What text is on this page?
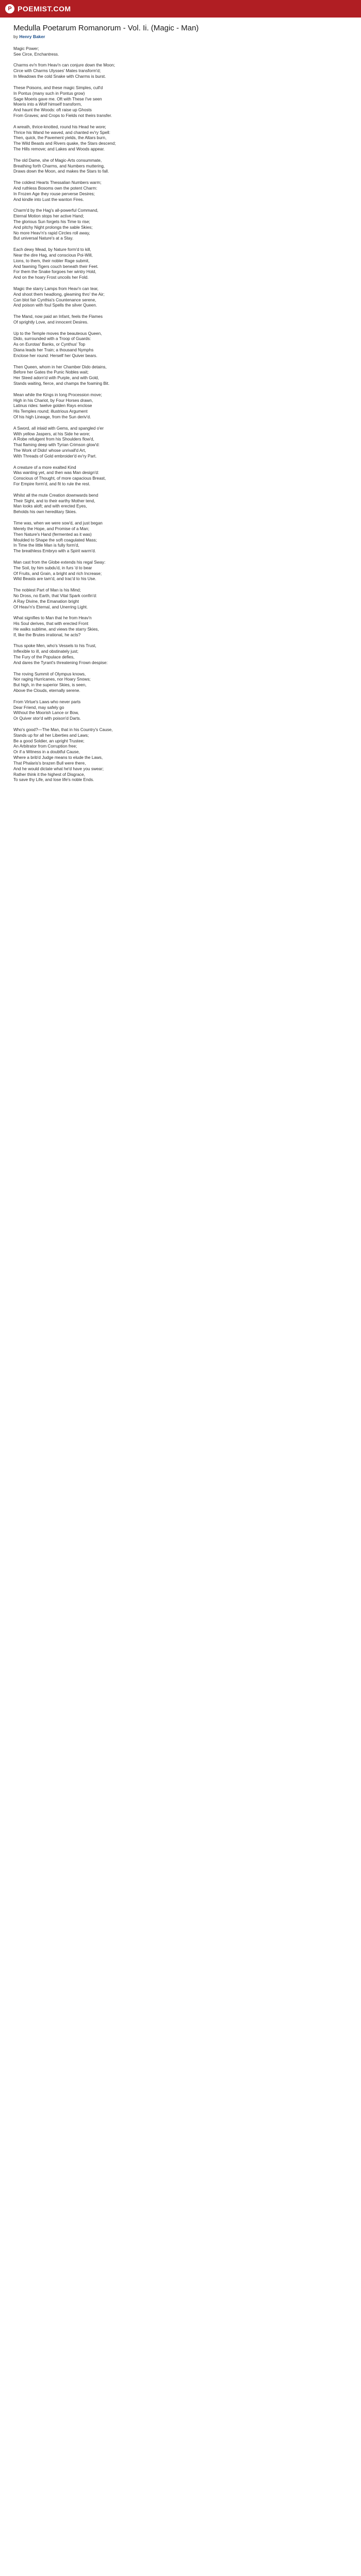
P POEMIST.COM
Medulla Poetarum Romanorum - Vol. Ii. (Magic - Man)
by Henry Baker
Magic Power;
See Circe, Enchantress.
Charms ev'n from Heav'n can conjure down the Moon;
Circe with Charms Ulysses' Mates transform'd;
In Meadows the cold Snake with Charms is burst.
These Poisons, and these magic Simples, cull'd
In Pontus (many such in Pontus grow)
Sage Moeris gave me. Oft with These I've seen
Moeris into a Wolf himself transform,
And haunt the Woods: oft raise up Ghosts
From Graves; and Crops to Fields not theirs transfer.
A wreath, thrice-knotted, round his Head he wore;
Thrice his Wand he waved, and chanted ev'ry Spell:
Then, quick, the Pavement yields, the Altars burn,
The Wild Beasts and Rivers quake, the Stars descend;
The Hills remove; and Lakes and Woods appear.
The old Dame, she of Magic-Arts consummate,
Breathing forth Charms, and Numbers muttering,
Draws down the Moon, and makes the Stars to fall.
The coldest Hearts Thessalian Numbers warm;
And ruthless Bosoms own the potent Charm:
In Frozen Age they rouse perverse Desires;
And kindle into Lust the wanton Fires.
Charm'd by the Hag's all-powerful Command,
Eternal Motion stops her active Hand;
The glorious Sun forgets his Time to rise;
And pitchy Night prolongs the sable Skies;
No more Heav'n's rapid Circles roll away,
But universal Nature's at a Stay.
Each dewy Mead, by Nature form'd to kill,
Near the dire Hag, and conscious Poi-Will,
Lions, to them, their nobler Rage submit,
And fawning Tigers couch beneath their Feet.
For them the Snake forgoes her wintry Hold,
And on the hoary Frost uncoils her Fold.
Magic the starry Lamps from Heav'n can tear,
And shoot them headlong, gleaming thro' the Air;
Can blot fair Cynthia's Countenance serene,
And poison with foul Spells the silver Queen.
The Mand, now paid an Infant, feels the Flames
Of sprightly Love, and innocent Desires.
Up to the Temple moves the beauteous Queen,
Dido, surrounded with a Troop of Guards:
As on Eurotas' Banks, or Cynthus' Top
Diana leads her Train; a thousand Nymphs
Enclose her round: Herself her Quiver bears.
Then Queen, whom in her Chamber Dido detains,
Before her Gates the Punic Nobles wait;
Her Steed adorn'd with Purple, and with Gold,
Stands waiting, fierce, and champs the foaming Bit.
Mean while the Kings in long Procession move;
High in his Chariot, by Four Horses drawn,
Latinus rides: twelve golden Rays enclose
His Temples round; illustrious Argument
Of his high Lineage, from the Sun deriv'd.
A Sword, all inlaid with Gems, and spangled o'er
With yellow Jaspers, at his Side he wore;
A Robe refulgent from his Shoulders flow'd,
That flaming deep with Tyrian Crimson glow'd:
The Work of Dido! whose unrivall'd Art,
With Threads of Gold embroider'd ev'ry Part.
A creature of a more exalted Kind
Was wanting yet, and then was Man design'd:
Conscious of Thought, of more capacious Breast,
For Empire form'd, and fit to rule the rest.
Whilst all the mute Creation downwards bend
Their Sight, and to their earthy Mother tend,
Man looks aloft; and with erected Eyes,
Beholds his own hereditary Skies.
Time was, when we were sow'd, and just began
Merely the Hope, and Promise of a Man;
Then Nature's Hand (fermented as it was)
Moulded to Shape the soft coagulated Mass;
In Time the little Man is fully form'd,
The breathless Embryo with a Spirit warm'd.
Man cast from the Globe extends his regal Sway:
The Soil, by him subdu'd, in furs 'd to bear
Of Fruits, and Grain, a bright and rich Increase;
Wild Beasts are tam'd, and trac'd to his Use.
The noblest Part of Man is his Mind;
No Dross, no Earth, that Vital Spark confin'd:
A Ray Divine, the Emanation bright
Of Heav'n's Eternal, and Unerring Light.
What signifies to Man that he from Heav'n
His Soul derives, that with erected Front
He walks sublime, and views the starry Skies,
If, like the Brutes irrational, he acts?
Thus spoke Men, who's Vessels to his Trust,
Inflexible to ill, and obstinately just;
The Fury of the Populace defies,
And dares the Tyrant's threatening Frown despise:
The roving Summit of Olympus knows,
Nor raging Hurricanes, nor Hoary Snows;
But high, in the superior Skies, is seen,
Above the Clouds, eternally serene.
From Virtue's Laws who never parts
Dear Friend, may safely go
Without the Moorish Lance or Bow,
Or Quiver stor'd with poison'd Darts.
Who's good?—The Man, that in his Country's Cause,
Stands up for all her Liberties and Laws;
Be a good Soldier, an upright Trustee;
An Arbitrator from Corruption free;
Or if a Witness in a doubtful Cause,
Where a brib'd Judge means to elude the Laws,
That Phalaris's brazen Bull were there,
And he would dictate what he'd have you swear;
Rather think it the highest of Disgrace,
To save thy Life, and lose life's noble Ends.
